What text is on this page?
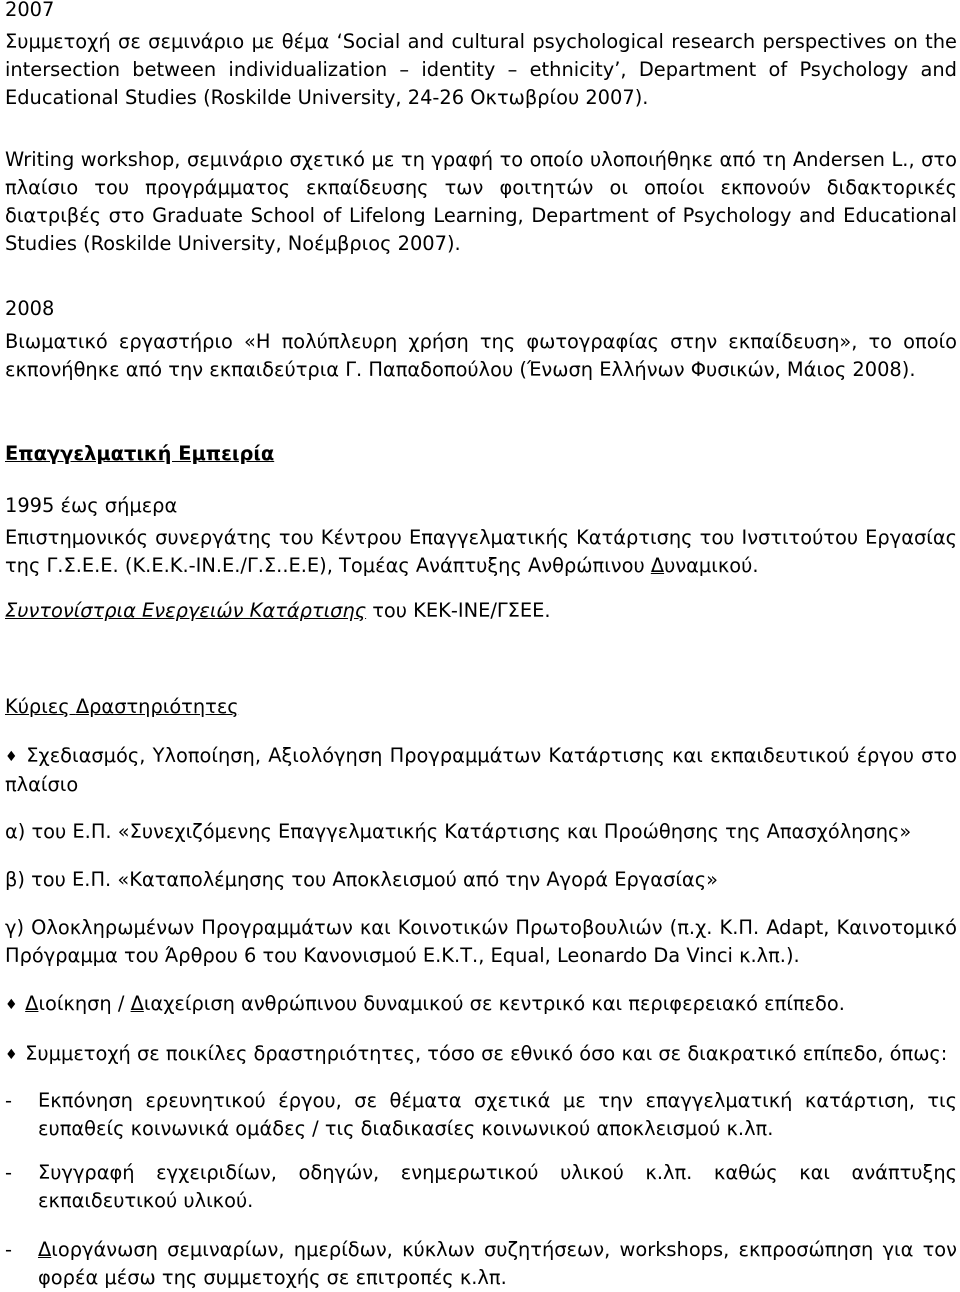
2007

Συμμετοχή σε σεμινάριο με θέμα ‘Social and cultural psychological research perspectives on the intersection between individualization – identity – ethnicity’, Department of Psychology and Educational Studies (Roskilde University, 24-26 Οκτωβρίου 2007).

Writing workshop, σεμινάριο σχετικό με τη γραφή το οποίο υλοποιήθηκε από τη Andersen L., στο πλαίσιο του προγράμματος εκπαίδευσης των φοιτητών οι οποίοι εκπονούν διδακτορικές διατριβές στο Graduate School of Lifelong Learning, Department of Psychology and Educational Studies (Roskilde University, Νοέμβριος 2007).

2008

Βιωματικό εργαστήριο «Η πολύπλευρη χρήση της φωτογραφίας στην εκπαίδευση», το οποίο εκπονήθηκε από την εκπαιδεύτρια Γ. Παπαδοπούλου (Ένωση Ελλήνων Φυσικών, Μάιος 2008).

Επαγγελματική Εμπειρία

1995 έως σήμερα

Επιστημονικός συνεργάτης του Κέντρου Επαγγελματικής Κατάρτισης του Ινστιτούτου Εργασίας της Γ.Σ.Ε.Ε. (Κ.Ε.Κ.-ΙΝ.Ε./Γ.Σ..Ε.Ε), Τομέας Ανάπτυξης Ανθρώπινου Δυναμικού.

Συντονίστρια Ενεργειών Κατάρτισης του ΚΕΚ-ΙΝΕ/ΓΣΕΕ.

Κύριες Δραστηριότητες

♦ Σχεδιασμός, Υλοποίηση, Αξιολόγηση Προγραμμάτων Κατάρτισης και εκπαιδευτικού έργου στο πλαίσιο

α) του Ε.Π. «Συνεχιζόμενης Επαγγελματικής Κατάρτισης και Προώθησης της Απασχόλησης»

β) του Ε.Π. «Καταπολέμησης του Αποκλεισμού από την Αγορά Εργασίας»

γ) Ολοκληρωμένων Προγραμμάτων και Κοινοτικών Πρωτοβουλιών (π.χ. Κ.Π. Adapt, Καινοτομικό Πρόγραμμα του Άρθρου 6 του Κανονισμού Ε.Κ.Τ., Equal, Leonardo Da Vinci κ.λπ.).

♦ Διοίκηση / Διαχείριση ανθρώπινου δυναμικού σε κεντρικό και περιφερειακό επίπεδο.

♦ Συμμετοχή σε ποικίλες δραστηριότητες, τόσο σε εθνικό όσο και σε διακρατικό επίπεδο, όπως:

- Εκπόνηση ερευνητικού έργου, σε θέματα σχετικά με την επαγγελματική κατάρτιση, τις ευπαθείς κοινωνικά ομάδες / τις διαδικασίες κοινωνικού αποκλεισμού κ.λπ.
- Συγγραφή εγχειριδίων, οδηγών, ενημερωτικού υλικού κ.λπ. καθώς και ανάπτυξης εκπαιδευτικού υλικού.
- Διοργάνωση σεμιναρίων, ημερίδων, κύκλων συζητήσεων, workshops, εκπροσώπηση για τον φορέα μέσω της συμμετοχής σε επιτροπές κ.λπ.
